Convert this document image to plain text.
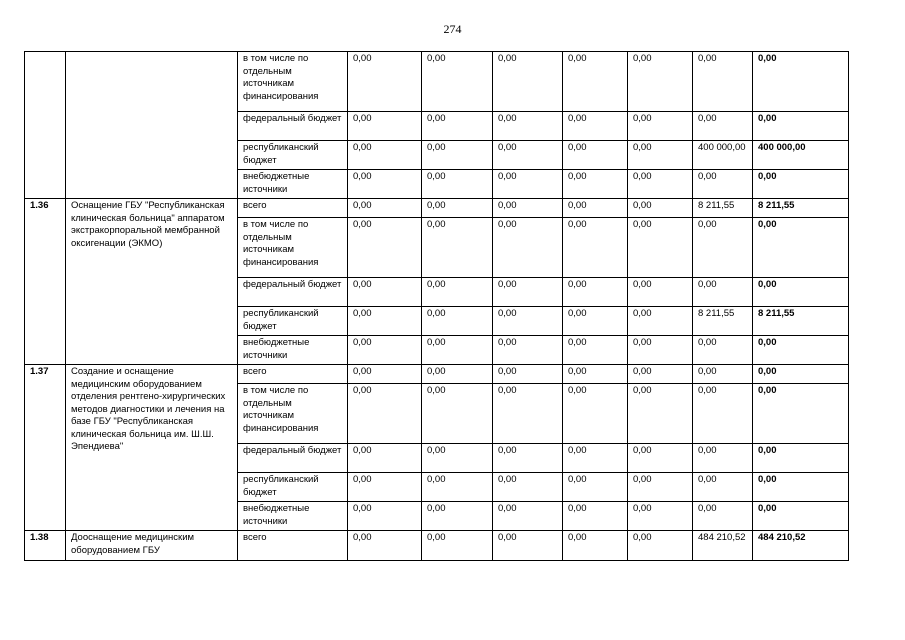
274
		в том числе по отдельным источникам финансирования	0,00	0,00	0,00	0,00	0,00	0,00	0,00
		федеральный бюджет	0,00	0,00	0,00	0,00	0,00	0,00	0,00
		республиканский бюджет	0,00	0,00	0,00	0,00	0,00	400 000,00	400 000,00
		внебюджетные источники	0,00	0,00	0,00	0,00	0,00	0,00	0,00
1.36	Оснащение ГБУ "Республиканская клиническая больница" аппаратом экстракорпоральной мембранной оксигенации (ЭКМО)	всего	0,00	0,00	0,00	0,00	0,00	8 211,55	8 211,55
		в том числе по отдельным источникам финансирования	0,00	0,00	0,00	0,00	0,00	0,00	0,00
		федеральный бюджет	0,00	0,00	0,00	0,00	0,00	0,00	0,00
		республиканский бюджет	0,00	0,00	0,00	0,00	0,00	8 211,55	8 211,55
		внебюджетные источники	0,00	0,00	0,00	0,00	0,00	0,00	0,00
1.37	Создание и оснащение медицинским оборудованием отделения рентгено-хирургических методов диагностики и лечения на базе ГБУ "Республиканская клиническая больница им. Ш.Ш. Эпендиева"	всего	0,00	0,00	0,00	0,00	0,00	0,00	0,00
		в том числе по отдельным источникам финансирования	0,00	0,00	0,00	0,00	0,00	0,00	0,00
		федеральный бюджет	0,00	0,00	0,00	0,00	0,00	0,00	0,00
		республиканский бюджет	0,00	0,00	0,00	0,00	0,00	0,00	0,00
		внебюджетные источники	0,00	0,00	0,00	0,00	0,00	0,00	0,00
1.38	Дооснащение медицинским оборудованием ГБУ	всего	0,00	0,00	0,00	0,00	0,00	484 210,52	484 210,52
